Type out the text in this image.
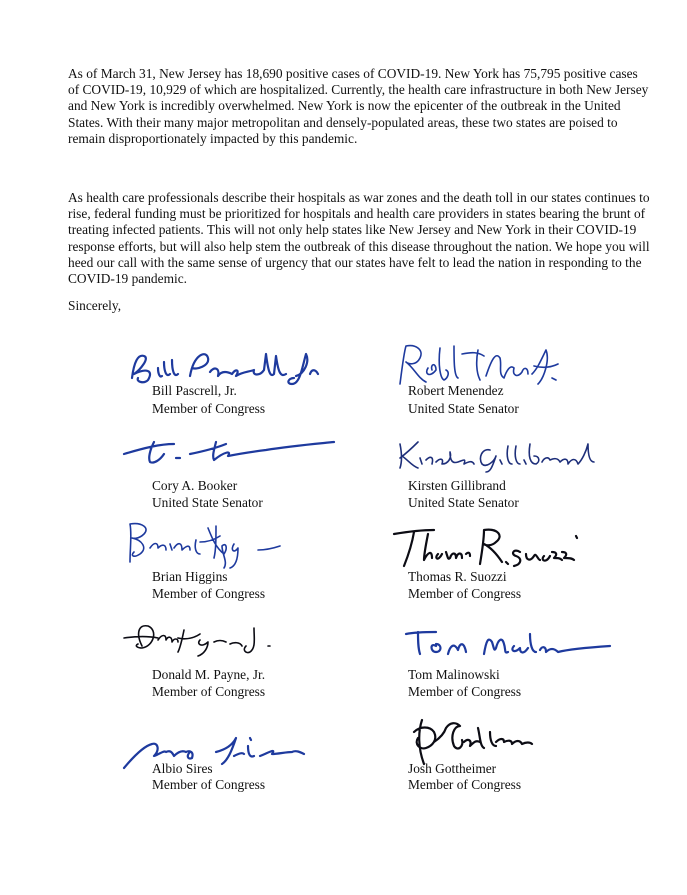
As of March 31, New Jersey has 18,690 positive cases of COVID-19. New York has 75,795 positive cases of COVID-19, 10,929 of which are hospitalized. Currently, the health care infrastructure in both New Jersey and New York is incredibly overwhelmed. New York is now the epicenter of the outbreak in the United States. With their many major metropolitan and densely-populated areas, these two states are poised to remain disproportionately impacted by this pandemic.

As health care professionals describe their hospitals as war zones and the death toll in our states continues to rise, federal funding must be prioritized for hospitals and health care providers in states bearing the brunt of treating infected patients. This will not only help states like New Jersey and New York in their COVID-19 response efforts, but will also help stem the outbreak of this disease throughout the nation. We hope you will heed our call with the same sense of urgency that our states have felt to lead the nation in responding to the COVID-19 pandemic.

Sincerely,

Bill Pascrell, Jr.
Member of Congress
Robert Menendez
United State Senator
Cory A. Booker
United State Senator
Kirsten Gillibrand
United State Senator
Brian Higgins
Member of Congress
Thomas R. Suozzi
Member of Congress
Donald M. Payne, Jr.
Member of Congress
Tom Malinowski
Member of Congress
Albio Sires
Member of Congress
Josh Gottheimer
Member of Congress
